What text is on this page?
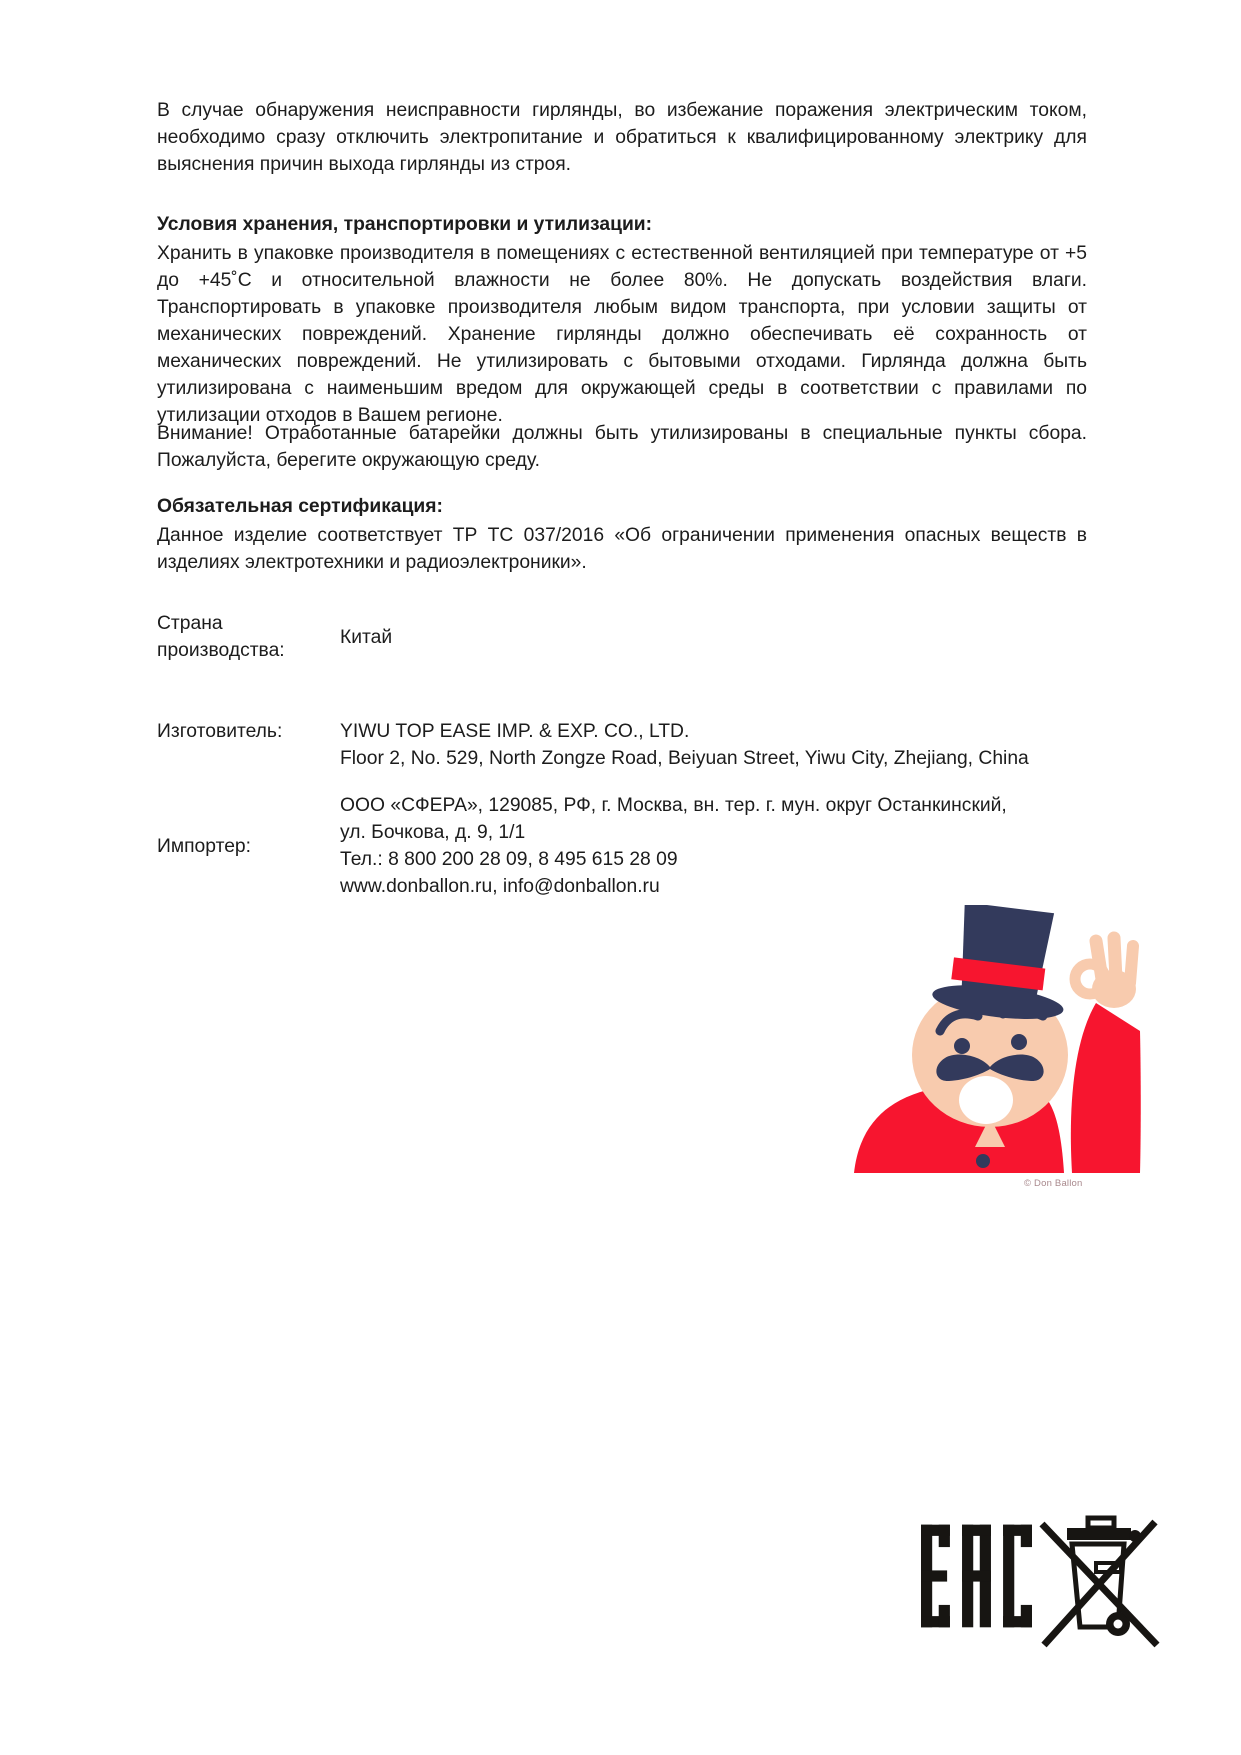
В случае обнаружения неисправности гирлянды, во избежание поражения электрическим током, необходимо сразу отключить электропитание и обратиться к квалифицированному электрику для выяснения причин выхода гирлянды из строя.
Условия хранения, транспортировки и утилизации:
Хранить в упаковке производителя в помещениях с естественной вентиляцией при температуре от +5 до +45˚С и относительной влажности не более 80%. Не допускать воздействия влаги. Транспортировать в упаковке производителя любым видом транспорта, при условии защиты от механических повреждений. Хранение гирлянды должно обеспечивать её сохранность от механических повреждений. Не утилизировать с бытовыми отходами. Гирлянда должна быть утилизирована с наименьшим вредом для окружающей среды в соответствии с правилами по утилизации отходов в Вашем регионе.
Внимание! Отработанные батарейки должны быть утилизированы в специальные пункты сбора. Пожалуйста, берегите окружающую среду.
Обязательная сертификация:
Данное изделие соответствует ТР ТС 037/2016 «Об ограничении применения опасных веществ в изделиях электротехники и радиоэлектроники».
Страна производства:
Китай
Изготовитель:	YIWU TOP EASE IMP. & EXP. CO., LTD.
Floor 2, No. 529, North Zongze Road, Beiyuan Street, Yiwu City, Zhejiang, China
Импортер:
ООО «СФЕРА», 129085, РФ, г. Москва, вн. тер. г. мун. округ Останкинский,
ул. Бочкова, д. 9, 1/1
Тел.: 8 800 200 28 09, 8 495 615 28 09
www.donballon.ru, info@donballon.ru
© Don Ballon
